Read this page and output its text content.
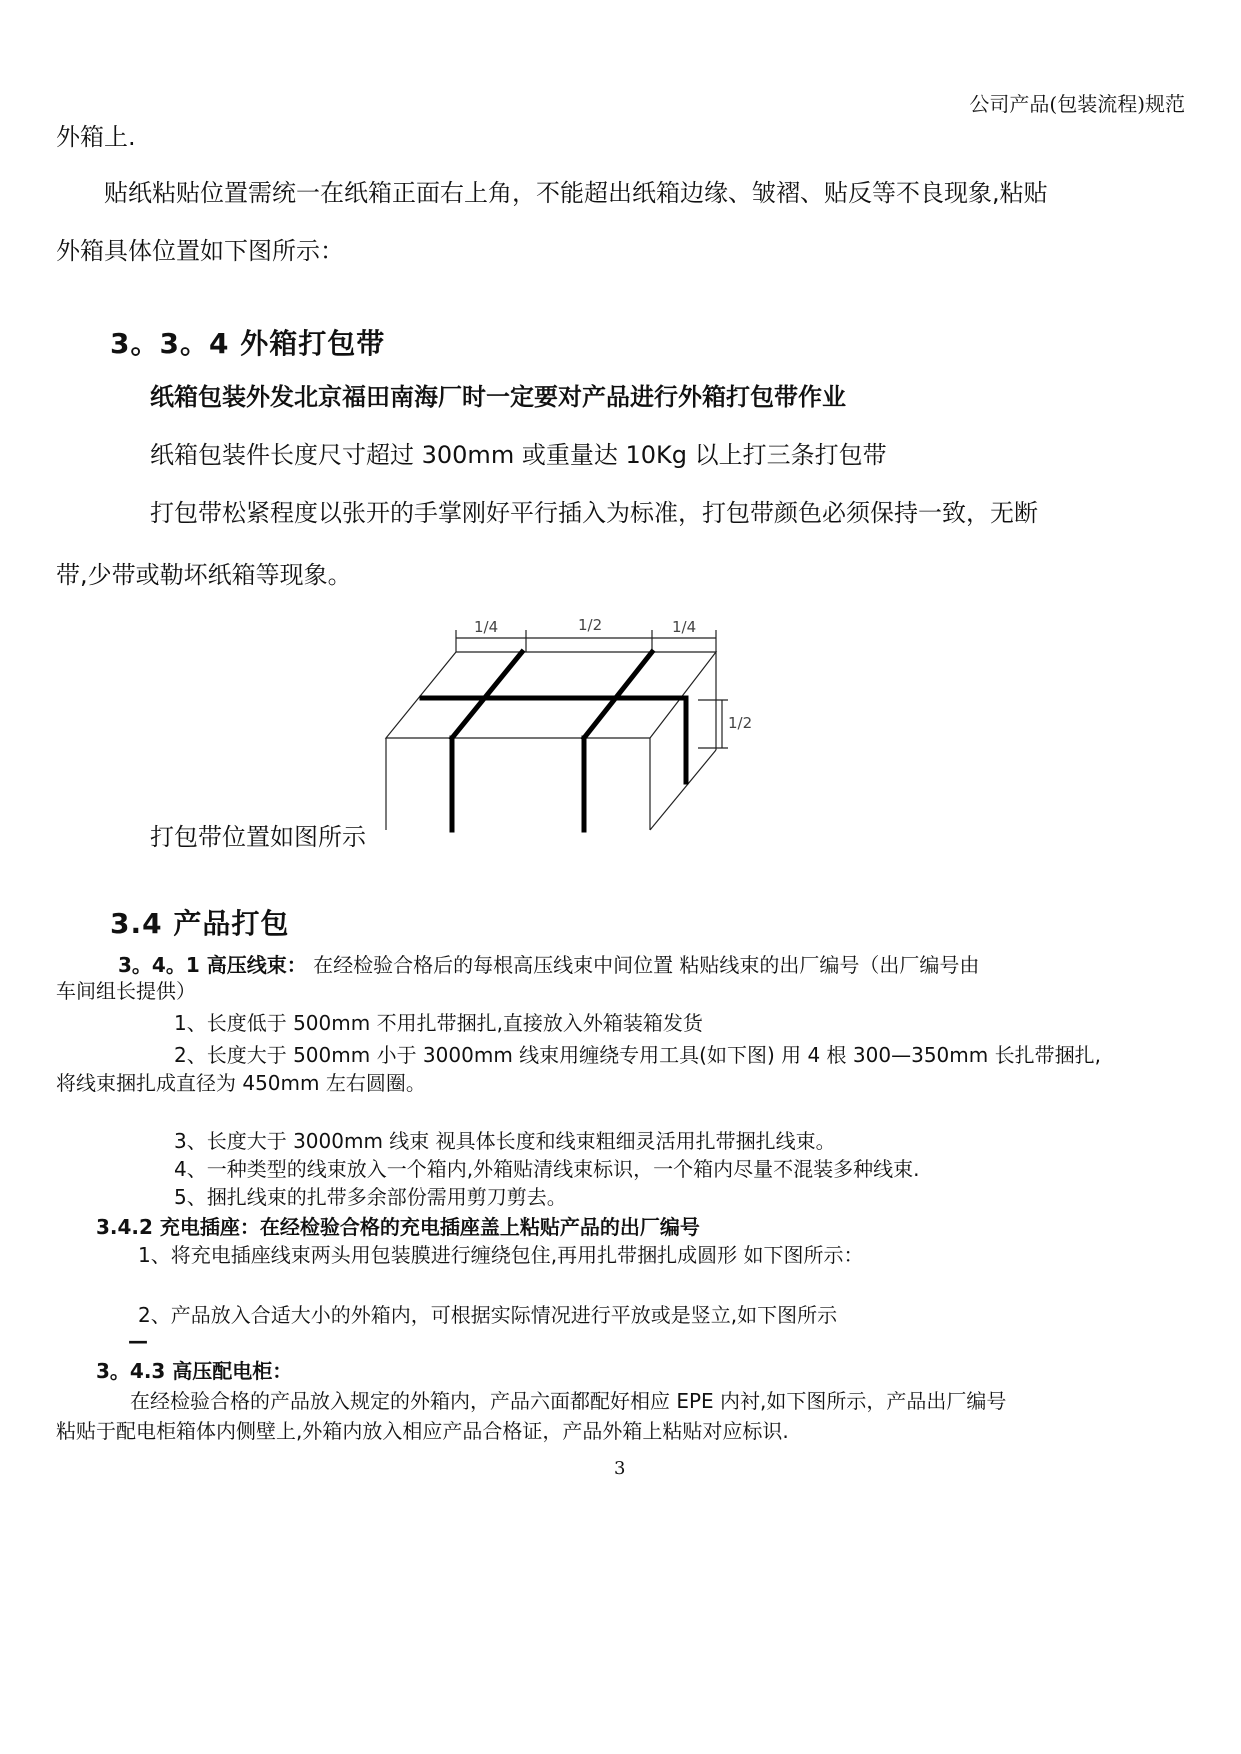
公司产品(包装流程)规范
外箱上.
贴纸粘贴位置需统一在纸箱正面右上角，不能超出纸箱边缘、皱褶、贴反等不良现象,粘贴
外箱具体位置如下图所示：
3。3。4 外箱打包带
纸箱包装外发北京福田南海厂时一定要对产品进行外箱打包带作业
纸箱包装件长度尺寸超过 300mm 或重量达 10Kg 以上打三条打包带
打包带松紧程度以张开的手掌刚好平行插入为标准，打包带颜色必须保持一致，无断
带,少带或勒坏纸箱等现象。
1/4	1/2	1/4
1/2
打包带位置如图所示
3.4 产品打包
3。4。1 高压线束： 在经检验合格后的每根高压线束中间位置 粘贴线束的出厂编号（出厂编号由
车间组长提供）
1、长度低于 500mm 不用扎带捆扎,直接放入外箱装箱发货
2、长度大于 500mm 小于 3000mm 线束用缠绕专用工具(如下图) 用 4 根 300—350mm 长扎带捆扎,
将线束捆扎成直径为 450mm 左右圆圈。
3、长度大于 3000mm 线束 视具体长度和线束粗细灵活用扎带捆扎线束。
4、一种类型的线束放入一个箱内,外箱贴清线束标识，一个箱内尽量不混装多种线束.
5、捆扎线束的扎带多余部份需用剪刀剪去。
3.4.2 充电插座：在经检验合格的充电插座盖上粘贴产品的出厂编号
1、将充电插座线束两头用包装膜进行缠绕包住,再用扎带捆扎成圆形 如下图所示：
2、产品放入合适大小的外箱内，可根据实际情况进行平放或是竖立,如下图所示
—
3。4.3 高压配电柜：
在经检验合格的产品放入规定的外箱内，产品六面都配好相应 EPE 内衬,如下图所示，产品出厂编号
粘贴于配电柜箱体内侧壁上,外箱内放入相应产品合格证，产品外箱上粘贴对应标识.
3
